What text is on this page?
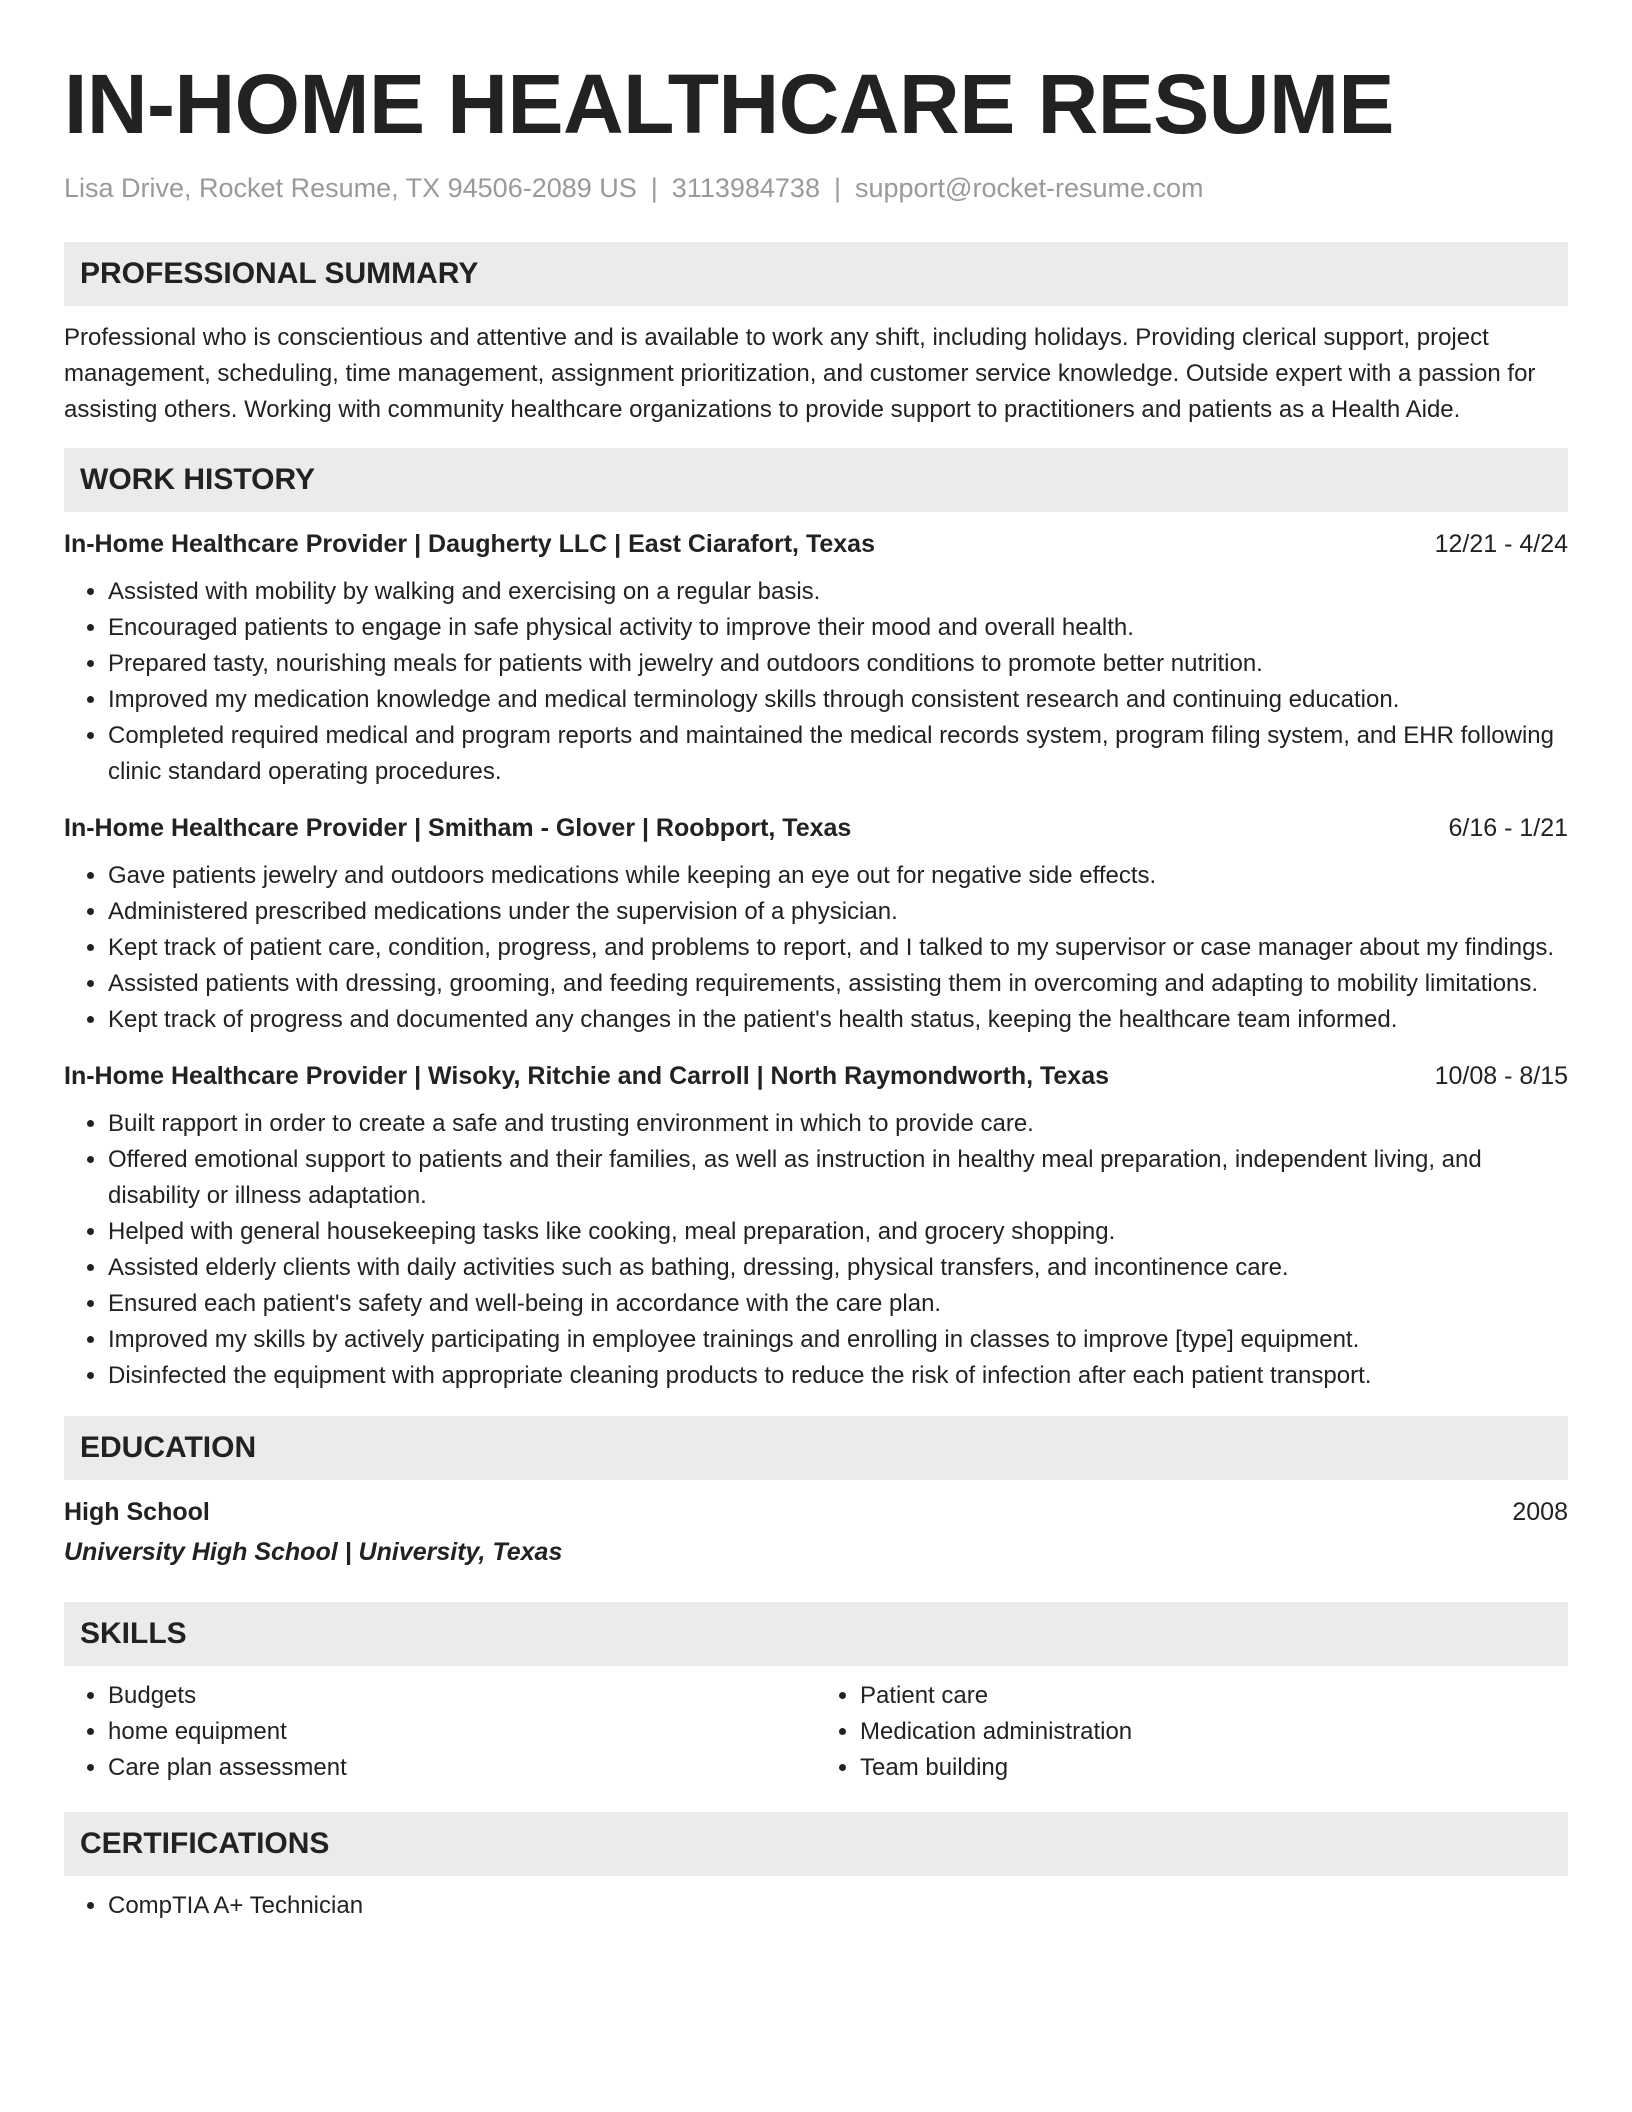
IN-HOME HEALTHCARE RESUME
Lisa Drive, Rocket Resume, TX 94506-2089 US | 3113984738 | support@rocket-resume.com
PROFESSIONAL SUMMARY

Professional who is conscientious and attentive and is available to work any shift, including holidays. Providing clerical support, project management, scheduling, time management, assignment prioritization, and customer service knowledge. Outside expert with a passion for assisting others. Working with community healthcare organizations to provide support to practitioners and patients as a Health Aide.

WORK HISTORY
In-Home Healthcare Provider | Daugherty LLC | East Ciarafort, Texas	12/21 - 4/24
• Assisted with mobility by walking and exercising on a regular basis.
• Encouraged patients to engage in safe physical activity to improve their mood and overall health.
• Prepared tasty, nourishing meals for patients with jewelry and outdoors conditions to promote better nutrition.
• Improved my medication knowledge and medical terminology skills through consistent research and continuing education.
• Completed required medical and program reports and maintained the medical records system, program filing system, and EHR following clinic standard operating procedures.
In-Home Healthcare Provider | Smitham - Glover | Roobport, Texas	6/16 - 1/21
• Gave patients jewelry and outdoors medications while keeping an eye out for negative side effects.
• Administered prescribed medications under the supervision of a physician.
• Kept track of patient care, condition, progress, and problems to report, and I talked to my supervisor or case manager about my findings.
• Assisted patients with dressing, grooming, and feeding requirements, assisting them in overcoming and adapting to mobility limitations.
• Kept track of progress and documented any changes in the patient's health status, keeping the healthcare team informed.
In-Home Healthcare Provider | Wisoky, Ritchie and Carroll | North Raymondworth, Texas	10/08 - 8/15
• Built rapport in order to create a safe and trusting environment in which to provide care.
• Offered emotional support to patients and their families, as well as instruction in healthy meal preparation, independent living, and disability or illness adaptation.
• Helped with general housekeeping tasks like cooking, meal preparation, and grocery shopping.
• Assisted elderly clients with daily activities such as bathing, dressing, physical transfers, and incontinence care.
• Ensured each patient's safety and well-being in accordance with the care plan.
• Improved my skills by actively participating in employee trainings and enrolling in classes to improve [type] equipment.
• Disinfected the equipment with appropriate cleaning products to reduce the risk of infection after each patient transport.
EDUCATION
High School	2008
University High School | University, Texas
SKILLS
• Budgets
• home equipment
• Care plan assessment
• Patient care
• Medication administration
• Team building
CERTIFICATIONS
• CompTIA A+ Technician
